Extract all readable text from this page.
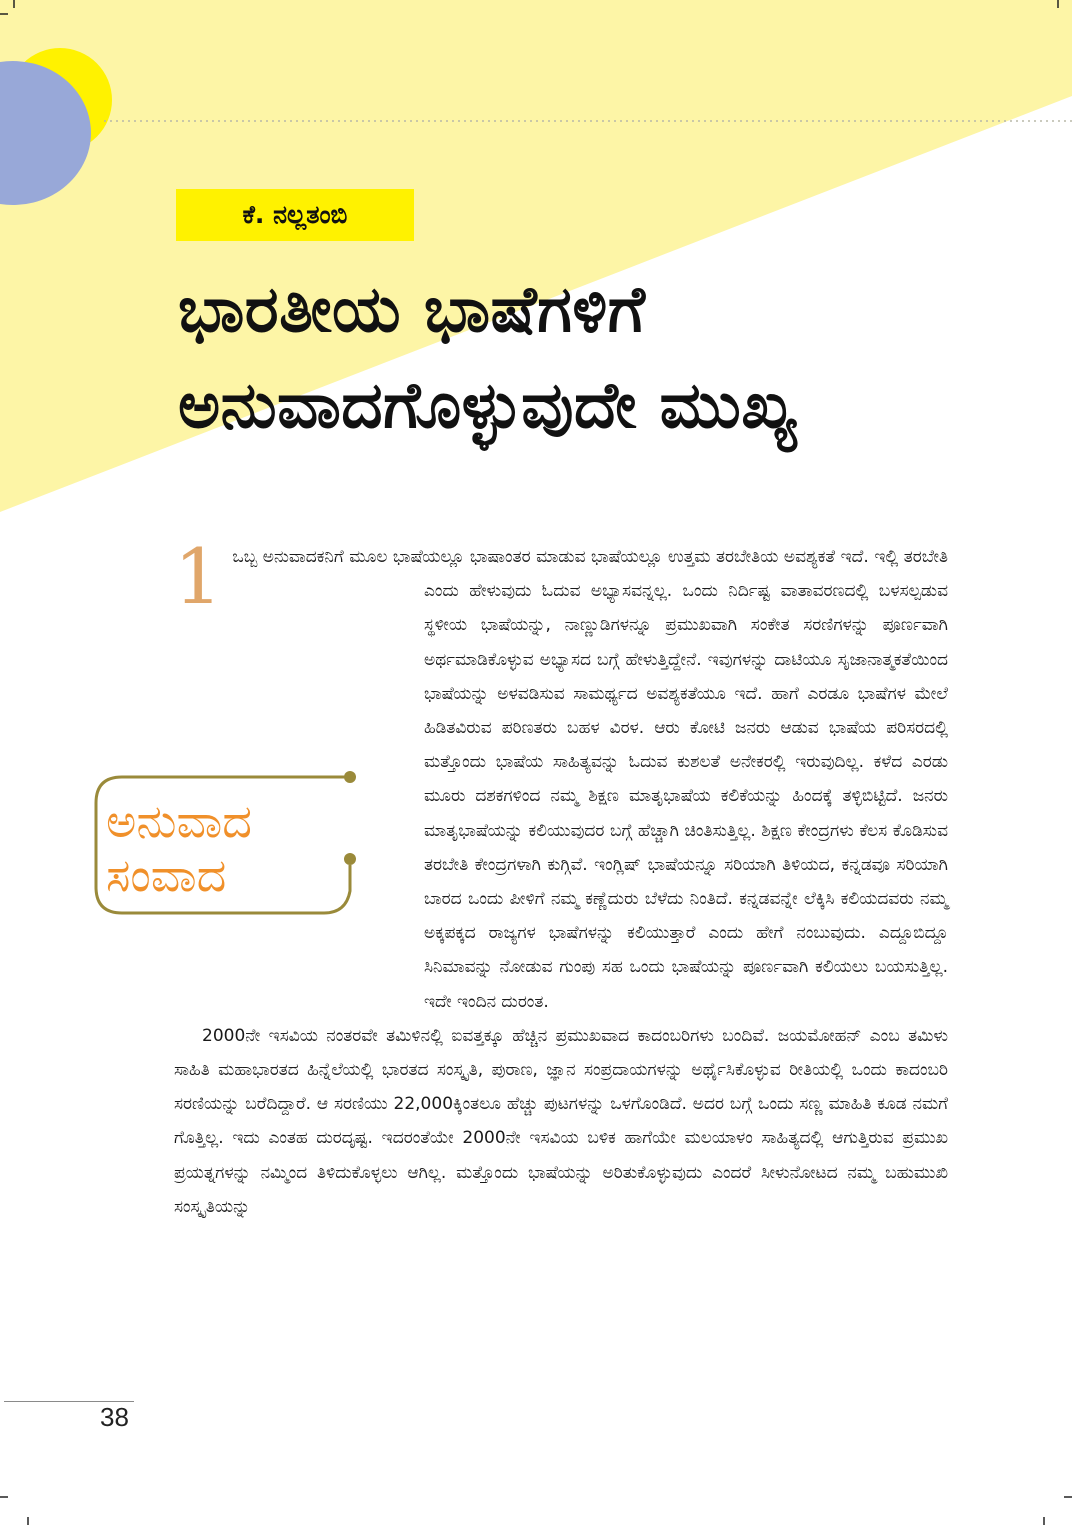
ಕೆ. ನಲ್ಲತಂಬಿ
ಭಾರತೀಯ ಭಾಷೆಗಳಿಗೆ
ಅನುವಾದಗೊಳ್ಳುವುದೇ ಮುಖ್ಯ
ಅನುವಾದ
ಸಂವಾದ

1 ಒಬ್ಬ ಅನುವಾದಕನಿಗೆ ಮೂಲ ಭಾಷೆಯಲ್ಲೂ ಭಾಷಾಂತರ ಮಾಡುವ ಭಾಷೆಯಲ್ಲೂ ಉತ್ತಮ ತರಬೇತಿಯ ಅವಶ್ಯಕತೆ ಇದೆ. ಇಲ್ಲಿ ತರಬೇತಿ ಎಂದು ಹೇಳುವುದು ಓದುವ ಅಭ್ಯಾಸವನ್ನಲ್ಲ. ಒಂದು ನಿರ್ದಿಷ್ಟ ವಾತಾವರಣದಲ್ಲಿ ಬಳಸಲ್ಪಡುವ ಸ್ಥಳೀಯ ಭಾಷೆಯನ್ನು, ನಾಣ್ಣುಡಿಗಳನ್ನೂ ಪ್ರಮುಖವಾಗಿ ಸಂಕೇತ ಸರಣಿಗಳನ್ನು ಪೂರ್ಣವಾಗಿ ಅರ್ಥಮಾಡಿಕೊಳ್ಳುವ ಅಭ್ಯಾಸದ ಬಗ್ಗೆ ಹೇಳುತ್ತಿದ್ದೇನೆ. ಇವುಗಳನ್ನು ದಾಟಿಯೂ ಸೃಜಾನಾತ್ಮಕತೆಯಿಂದ ಭಾಷೆಯನ್ನು ಅಳವಡಿಸುವ ಸಾಮರ್ಥ್ಯದ ಅವಶ್ಯಕತೆಯೂ ಇದೆ. ಹಾಗೆ ಎರಡೂ ಭಾಷೆಗಳ ಮೇಲೆ ಹಿಡಿತವಿರುವ ಪರಿಣತರು ಬಹಳ ವಿರಳ. ಆರು ಕೋಟಿ ಜನರು ಆಡುವ ಭಾಷೆಯ ಪರಿಸರದಲ್ಲಿ ಮತ್ತೊಂದು ಭಾಷೆಯ ಸಾಹಿತ್ಯವನ್ನು ಓದುವ ಕುಶಲತೆ ಅನೇಕರಲ್ಲಿ ಇರುವುದಿಲ್ಲ. ಕಳೆದ ಎರಡು ಮೂರು ದಶಕಗಳಿಂದ ನಮ್ಮ ಶಿಕ್ಷಣ ಮಾತೃಭಾಷೆಯ ಕಲಿಕೆಯನ್ನು ಹಿಂದಕ್ಕೆ ತಳ್ಳಿಬಿಟ್ಟಿದೆ. ಜನರು ಮಾತೃಭಾಷೆಯನ್ನು ಕಲಿಯುವುದರ ಬಗ್ಗೆ ಹೆಚ್ಚಾಗಿ ಚಿಂತಿಸುತ್ತಿಲ್ಲ. ಶಿಕ್ಷಣ ಕೇಂದ್ರಗಳು ಕೆಲಸ ಕೊಡಿಸುವ ತರಬೇತಿ ಕೇಂದ್ರಗಳಾಗಿ ಕುಗ್ಗಿವೆ. ಇಂಗ್ಲಿಷ್ ಭಾಷೆಯನ್ನೂ ಸರಿಯಾಗಿ ತಿಳಿಯದ, ಕನ್ನಡವೂ ಸರಿಯಾಗಿ ಬಾರದ ಒಂದು ಪೀಳಿಗೆ ನಮ್ಮ ಕಣ್ಣೆದುರು ಬೆಳೆದು ನಿಂತಿದೆ. ಕನ್ನಡವನ್ನೇ ಲೆಕ್ಕಿಸಿ ಕಲಿಯದವರು ನಮ್ಮ ಅಕ್ಕಪಕ್ಕದ ರಾಜ್ಯಗಳ ಭಾಷೆಗಳನ್ನು ಕಲಿಯುತ್ತಾರೆ ಎಂದು ಹೇಗೆ ನಂಬುವುದು. ಎದ್ದೂಬಿದ್ದೂ ಸಿನಿಮಾವನ್ನು ನೋಡುವ ಗುಂಪು ಸಹ ಒಂದು ಭಾಷೆಯನ್ನು ಪೂರ್ಣವಾಗಿ ಕಲಿಯಲು ಬಯಸುತ್ತಿಲ್ಲ. ಇದೇ ಇಂದಿನ ದುರಂತ.

2000ನೇ ಇಸವಿಯ ನಂತರವೇ ತಮಿಳಿನಲ್ಲಿ ಐವತ್ತಕ್ಕೂ ಹೆಚ್ಚಿನ ಪ್ರಮುಖವಾದ ಕಾದಂಬರಿಗಳು ಬಂದಿವೆ. ಜಯಮೋಹನ್ ಎಂಬ ತಮಿಳು ಸಾಹಿತಿ ಮಹಾಭಾರತದ ಹಿನ್ನೆಲೆಯಲ್ಲಿ ಭಾರತದ ಸಂಸ್ಕೃತಿ, ಪುರಾಣ, ಜ್ಞಾನ ಸಂಪ್ರದಾಯಗಳನ್ನು ಅರ್ಥೈಸಿಕೊಳ್ಳುವ ರೀತಿಯಲ್ಲಿ ಒಂದು ಕಾದಂಬರಿ ಸರಣಿಯನ್ನು ಬರೆದಿದ್ದಾರೆ. ಆ ಸರಣಿಯು 22,000ಕ್ಕಿಂತಲೂ ಹೆಚ್ಚು ಪುಟಗಳನ್ನು ಒಳಗೊಂಡಿದೆ. ಅದರ ಬಗ್ಗೆ ಒಂದು ಸಣ್ಣ ಮಾಹಿತಿ ಕೂಡ ನಮಗೆ ಗೊತ್ತಿಲ್ಲ. ಇದು ಎಂತಹ ದುರದೃಷ್ಟ. ಇದರಂತೆಯೇ 2000ನೇ ಇಸವಿಯ ಬಳಿಕ ಹಾಗೆಯೇ ಮಲಯಾಳಂ ಸಾಹಿತ್ಯದಲ್ಲಿ ಆಗುತ್ತಿರುವ ಪ್ರಮುಖ ಪ್ರಯತ್ನಗಳನ್ನು ನಮ್ಮಿಂದ ತಿಳಿದುಕೊಳ್ಳಲು ಆಗಿಲ್ಲ. ಮತ್ತೊಂದು ಭಾಷೆಯನ್ನು ಅರಿತುಕೊಳ್ಳುವುದು ಎಂದರೆ ಸೀಳುನೋಟದ ನಮ್ಮ ಬಹುಮುಖಿ ಸಂಸ್ಕೃತಿಯನ್ನು

38
